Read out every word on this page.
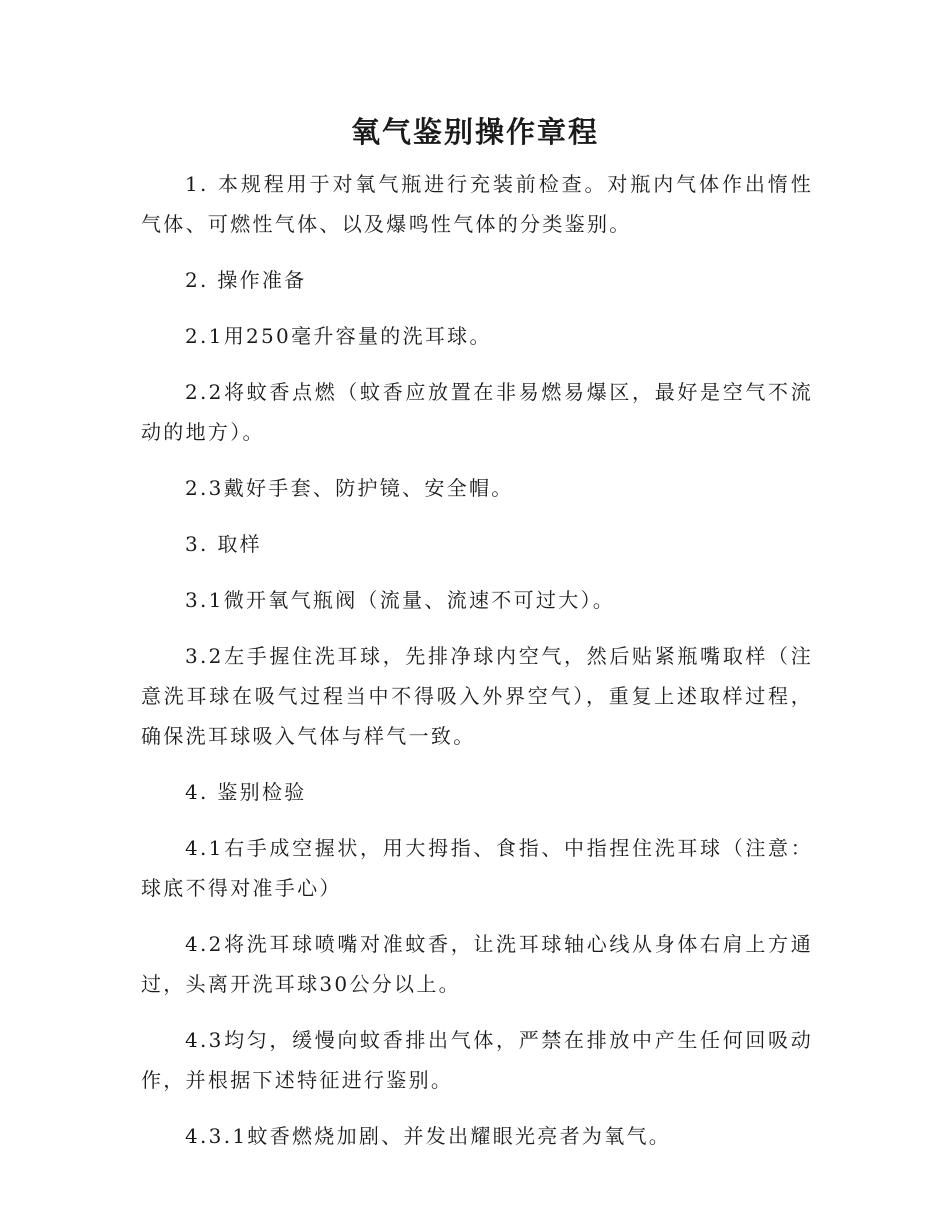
氧气鉴别操作章程

1. 本规程用于对氧气瓶进行充装前检查。对瓶内气体作出惰性气体、可燃性气体、以及爆鸣性气体的分类鉴别。

2. 操作准备

2.1用250毫升容量的洗耳球。

2.2将蚊香点燃（蚊香应放置在非易燃易爆区，最好是空气不流动的地方）。

2.3戴好手套、防护镜、安全帽。

3. 取样

3.1微开氧气瓶阀（流量、流速不可过大）。

3.2左手握住洗耳球，先排净球内空气，然后贴紧瓶嘴取样（注意洗耳球在吸气过程当中不得吸入外界空气），重复上述取样过程，确保洗耳球吸入气体与样气一致。

4. 鉴别检验

4.1右手成空握状，用大拇指、食指、中指捏住洗耳球（注意：球底不得对准手心）

4.2将洗耳球喷嘴对准蚊香，让洗耳球轴心线从身体右肩上方通过，头离开洗耳球30公分以上。

4.3均匀，缓慢向蚊香排出气体，严禁在排放中产生任何回吸动作，并根据下述特征进行鉴别。

4.3.1蚊香燃烧加剧、并发出耀眼光亮者为氧气。
